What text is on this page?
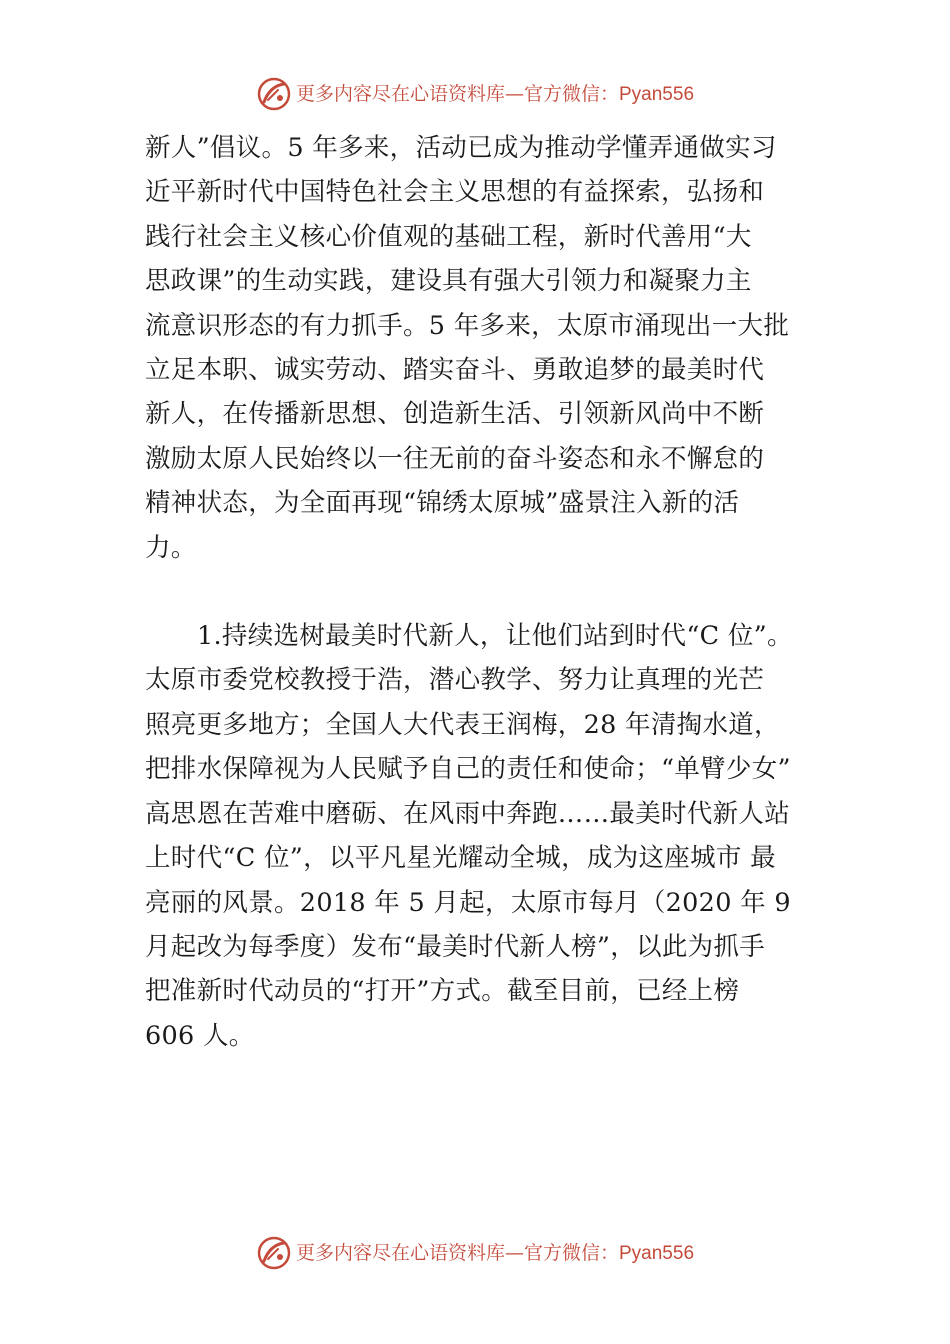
更多内容尽在心语资料库—官方微信： Pyan556

新人”倡议。5 年多来，活动已成为推动学懂弄通做实习
近平新时代中国特色社会主义思想的有益探索，弘扬和
践行社会主义核心价值观的基础工程，新时代善用“大
思政课”的生动实践，建设具有强大引领力和凝聚力主
流意识形态的有力抓手。5 年多来，太原市涌现出一大批
立足本职、诚实劳动、踏实奋斗、勇敢追梦的最美时代
新人，在传播新思想、创造新生活、引领新风尚中不断
激励太原人民始终以一往无前的奋斗姿态和永不懈怠的
精神状态，为全面再现“锦绣太原城”盛景注入新的活
力。

1.持续选树最美时代新人，让他们站到时代“C 位”。
太原市委党校教授于浩，潜心教学、努力让真理的光芒
照亮更多地方；全国人大代表王润梅，28 年清掏水道，
把排水保障视为人民赋予自己的责任和使命；“单臂少女”
高思恩在苦难中磨砺、在风雨中奔跑……最美时代新人站
上时代“C 位”，以平凡星光耀动全城，成为这座城市 最
亮丽的风景。2018 年 5 月起，太原市每月（2020 年 9
月起改为每季度）发布“最美时代新人榜”，以此为抓手
把准新时代动员的“打开”方式。截至目前，已经上榜
606 人。

更多内容尽在心语资料库—官方微信： Pyan556
